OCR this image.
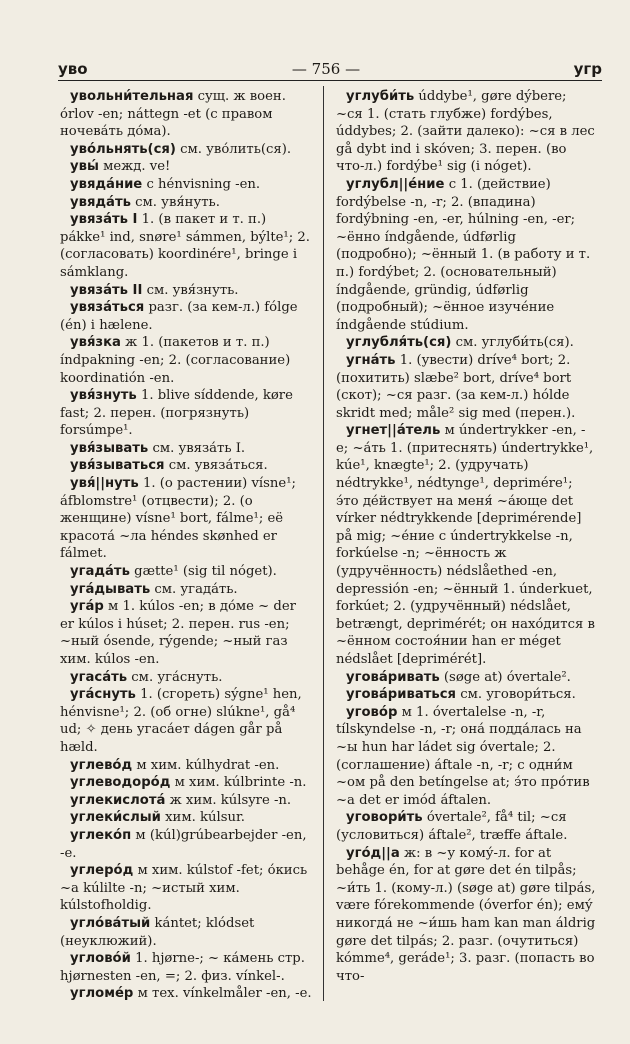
уво	— 756 —	угр
увольни́тельная сущ. ж воен. órlov -en; náttegn -et (с правом ночева́ть до́ма).
уво́льнять(ся) см. уво́лить(ся).
увы́ межд. ve!
увяда́ние с hénvisning -en.
увяда́ть см. увя́нуть.
увяза́ть I 1. (в пакет и т. п.) pákke¹ ind, snøre¹ sámmen, býlte¹; 2. (согласовать) koordinére¹, bringe i sámklang.
увяза́ть II см. увя́знуть.
увяза́ться разг. (за кем-л.) fólge (én) i hælene.
увя́зка ж 1. (пакетов и т. п.) índpakning -en; 2. (согласование) koordinatión -en.
увя́знуть 1. blive síddende, køre fast; 2. перен. (погрязнуть) forsúmpe¹.
увя́зывать см. увяза́ть I.
увя́зываться см. увяза́ться.
увя́||нуть 1. (о растении) vísne¹; áfblomstre¹ (отцвести); 2. (о женщине) vísne¹ bort, fálme¹; её красота́ ~ла héndes skønhed er fálmet.
угада́ть gætte¹ (sig til nóget).
уга́дывать см. угада́ть.
уга́р м 1. kúlos -en; в до́ме ~ der er kúlos i húset; 2. перен. rus -en; ~ный ósende, rýgende; ~ный газ хим. kúlos -en.
угаса́ть см. уга́снуть.
уга́снуть 1. (сгореть) sýgne¹ hen, hénvisne¹; 2. (об огне) slúkne¹, gå⁴ ud; ✧ день угаса́ет dágen går på hæld.
углево́д м хим. kúlhydrat -en.
углеводоро́д м хим. kúlbrinte -n.
углекислота́ ж хим. kúlsyre -n.
углеки́слый хим. kúlsur.
углеко́п м (kúl)grúbearbejder -en, -e.
углеро́д м хим. kúlstof -fet; о́кись ~а kúlilte -n; ~истый хим. kúlstofholdig.
угло́ва́тый kántet; klódset (неуклюжий).
углово́й 1. hjørne-; ~ ка́мень стр. hjørnesten -en, =; 2. физ. vínkel-.
угломе́р м тех. vínkelmåler -en, -e.
углуби́ть úddybe¹, gøre dýbere; ~ся 1. (стать глубже) fordýbes, úddybes; 2. (зайти далеко): ~ся в лес gå dybt ind i skóven; 3. перен. (во что-л.) fordýbe¹ sig (i nóget).
углубл||е́ние с 1. (действие) fordýbelse -n, -r; 2. (впадина) fordýbning -en, -er, húlning -en, -er; ~ённо índgående, údførlig (подробно); ~ённый 1. (в работу и т. п.) fordýbet; 2. (основательный) índgående, gründig, údførlig (подробный); ~ённое изуче́ние índgående stúdium.
углубля́ть(ся) см. углуби́ть(ся).
угна́ть 1. (увести) dríve⁴ bort; 2. (похитить) slæbe² bort, dríve⁴ bort (скот); ~ся разг. (за кем-л.) hólde skridt med; måle² sig med (перен.).
угнет||а́тель м úndertrykker -en, -e; ~а́ть 1. (притеснять) úndertrykke¹, kúe¹, knægte¹; 2. (удручать) nédtrykke¹, nédtynge¹, deprimére¹; э́то де́йствует на меня́ ~а́юще det vírker nédtrykkende [deprimérende] på mig; ~е́ние с úndertrykkelse -n, forkúelse -n; ~ённость ж (удручённость) nédslåethed -en, depressión -en; ~ённый 1. únderkuet, forkúet; 2. (удручённый) nédslået, betrængt, deprimérét; он нахо́дится в ~ённом состоя́нии han er méget nédslået [deprimérét].
угова́ривать (søge at) óvertale².
угова́риваться см. уговори́ться.
угово́р м 1. óvertalelse -n, -r, tílskyndelse -n, -r; она́ подда́лась на ~ы hun har ládet sig óvertale; 2. (соглашение) áftale -n, -r; с одни́м ~ом på den betíngelse at; э́то про́тив ~а det er imód áftalen.
уговори́ть óvertale², få⁴ til; ~ся (условиться) áftale², træffe áftale.
уго́д||а ж: в ~у кому́-л. for at behåge én, for at gøre det én tilpås; ~и́ть 1. (кому-л.) (søge at) gøre tilpás, være fórekommende (óverfor én); ему́ никогда́ не ~и́шь ham kan man áldrig gøre det tilpás; 2. разг. (очутиться) kómme⁴, geráde¹; 3. разг. (попасть во что-
